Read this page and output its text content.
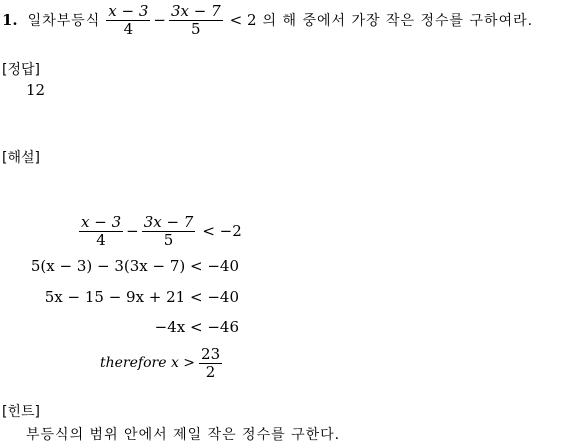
1. 일차부등식 $\frac{x - 3}{4} - \frac{3x - 7}{5} < 2$ 의 해 중에서 가장 작은 정수를 구하여라.
[정답]
12
[해설]
$\frac{x - 3}{4} - \frac{3x - 7}{5} < -2$
5(x − 3) − 3(3x − 7) < −40
5x − 15 − 9x + 21 < −40
−4x < −46
therefore $x > \frac{23}{2}$
[힌트]
부등식의 범위 안에서 제일 작은 정수를 구한다.
